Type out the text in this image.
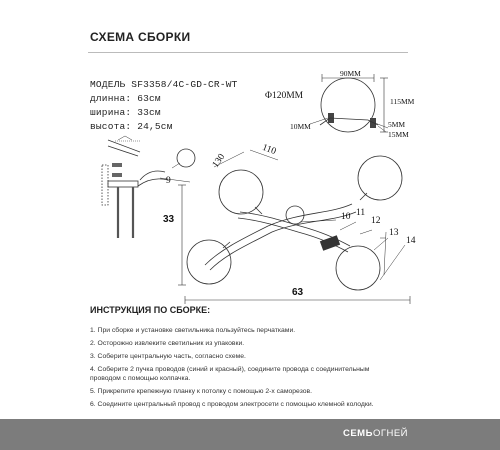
СХЕМА СБОРКИ
МОДЕЛЬ SF3358/4C-GD-CR-WT
длинна: 63см
ширина: 33см
высота: 24,5см
Φ120MM
90MM
115MM
10MM	5MM
15MM
130
110
9
10 11
12
13
14
33
63
ИНСТРУКЦИЯ ПО СБОРКЕ:
1. При сборке и установке светильника пользуйтесь перчатками.
2. Осторожно извлеките светильник из упаковки.
3. Соберите центральную часть, согласно схеме.
4. Соберите 2 пучка проводов (синий и красный), соедините провода с соединительным
проводом с помощью колпачка.
5. Прикрепите крепежную планку к потолку с помощью 2-х саморезов.
6. Соедините центральный провод с проводом электросети с помощью клемной колодки.
СЕМЬОГНЕЙ
